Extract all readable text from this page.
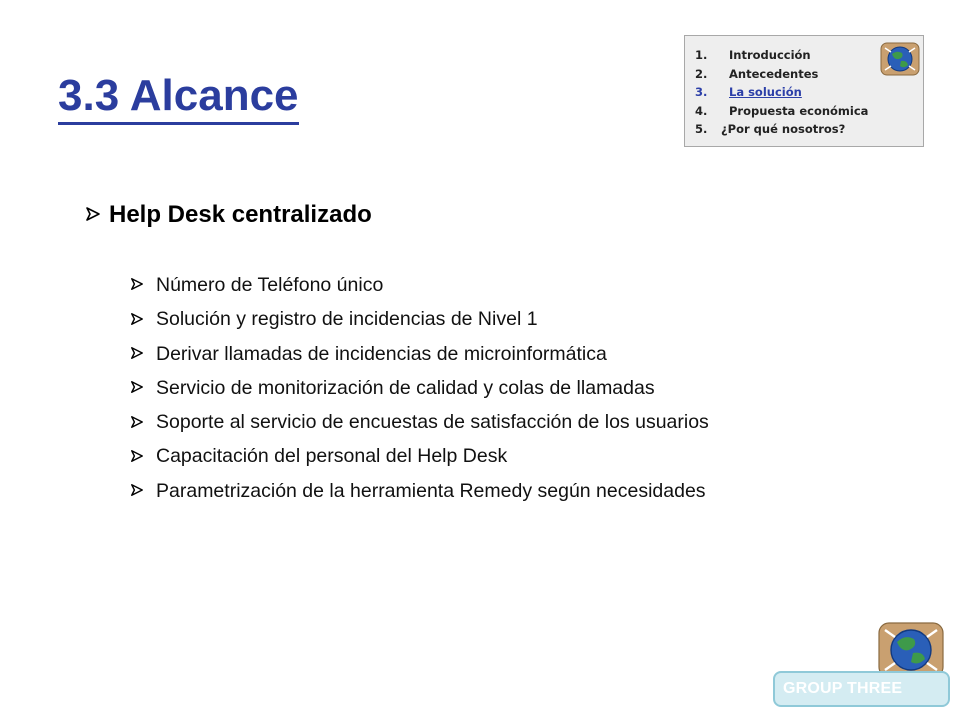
3.3 Alcance
1. Introducción
2. Antecedentes
3. La solución
4. Propuesta económica
5. ¿Por qué nosotros?
Help Desk centralizado
Número de Teléfono único
Solución y registro de incidencias de Nivel 1
Derivar llamadas de incidencias de microinformática
Servicio de monitorización de calidad y colas de llamadas
Soporte al servicio de encuestas de satisfacción de los usuarios
Capacitación del personal del Help Desk
Parametrización de la herramienta Remedy según necesidades
GROUP THREE
